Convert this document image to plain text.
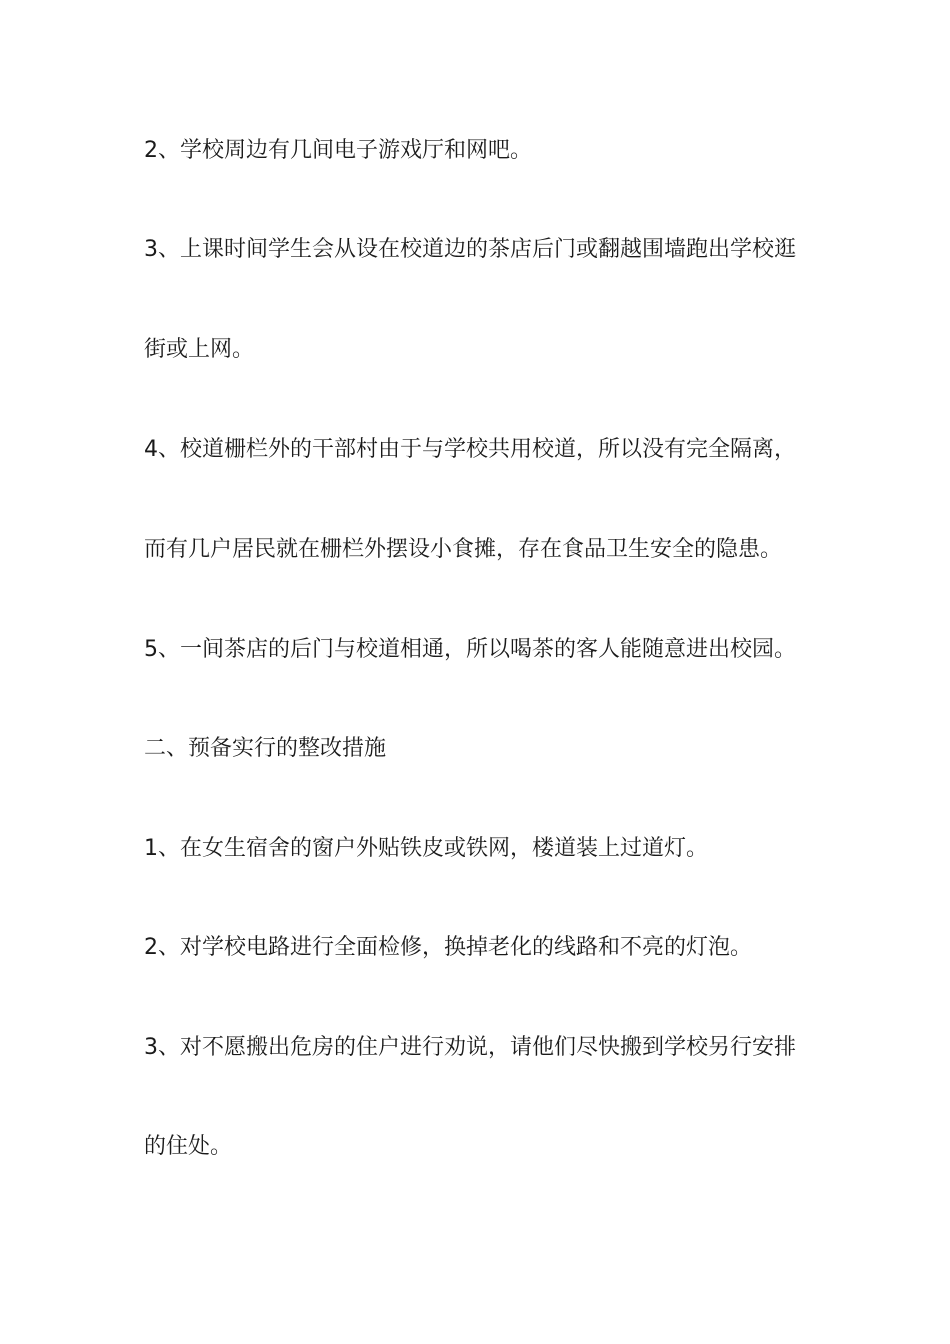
2、学校周边有几间电子游戏厅和网吧。
3、上课时间学生会从设在校道边的茶店后门或翻越围墙跑出学校逛
街或上网。
4、校道栅栏外的干部村由于与学校共用校道，所以没有完全隔离，
而有几户居民就在栅栏外摆设小食摊，存在食品卫生安全的隐患。
5、一间茶店的后门与校道相通，所以喝茶的客人能随意进出校园。
二、预备实行的整改措施
1、在女生宿舍的窗户外贴铁皮或铁网，楼道装上过道灯。
2、对学校电路进行全面检修，换掉老化的线路和不亮的灯泡。
3、对不愿搬出危房的住户进行劝说，请他们尽快搬到学校另行安排
的住处。
